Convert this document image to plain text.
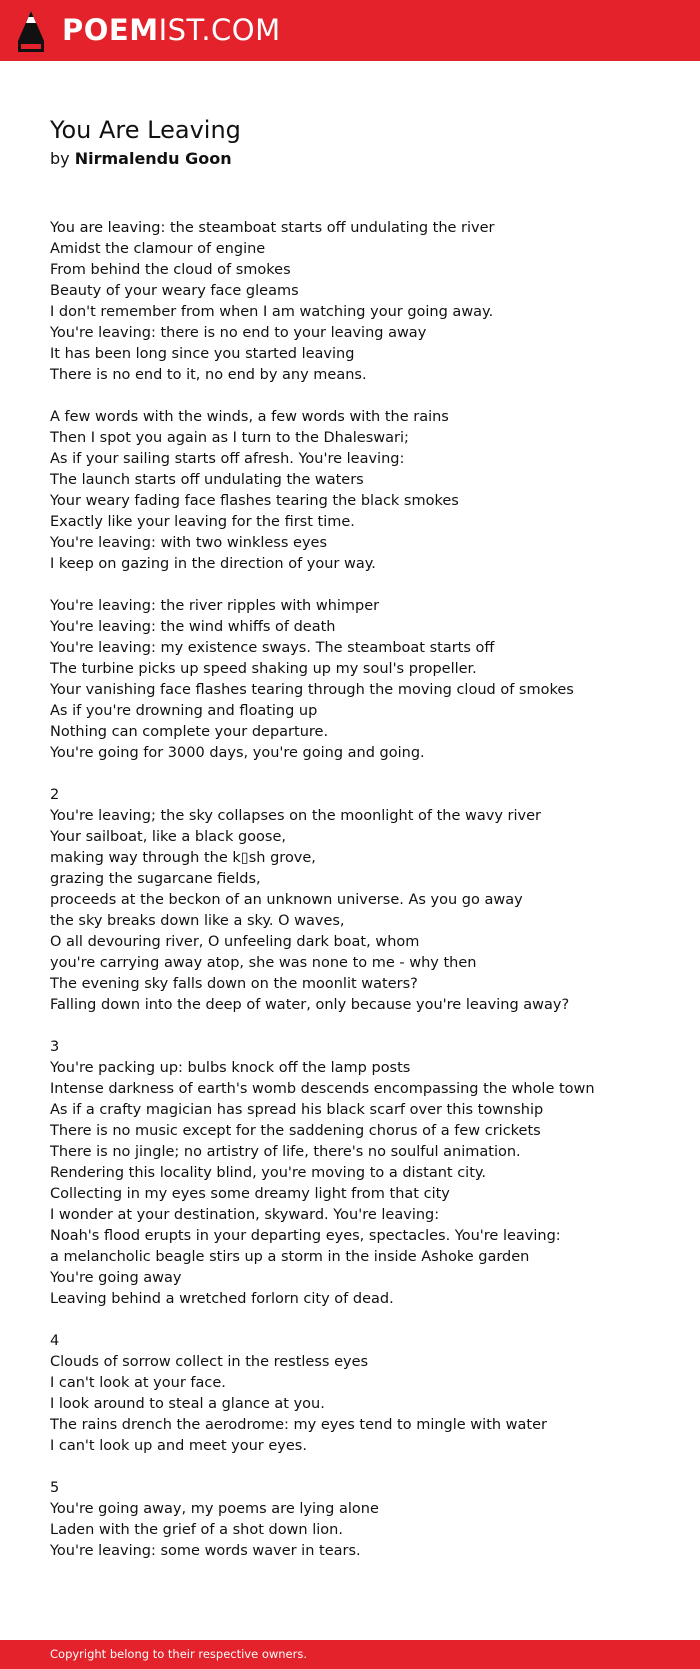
POEMIST.COM
You Are Leaving
by Nirmalendu Goon
You are leaving: the steamboat starts off undulating the river
Amidst the clamour of engine
From behind the cloud of smokes
Beauty of your weary face gleams
I don't remember from when I am watching your going away.
You're leaving: there is no end to your leaving away
It has been long since you started leaving
There is no end to it, no end by any means.
A few words with the winds, a few words with the rains
Then I spot you again as I turn to the Dhaleswari;
As if your sailing starts off afresh. You're leaving:
The launch starts off undulating the waters
Your weary fading face flashes tearing the black smokes
Exactly like your leaving for the first time.
You're leaving: with two winkless eyes
I keep on gazing in the direction of your way.
You're leaving: the river ripples with whimper
You're leaving: the wind whiffs of death
You're leaving: my existence sways. The steamboat starts off
The turbine picks up speed shaking up my soul's propeller.
Your vanishing face flashes tearing through the moving cloud of smokes
As if you're drowning and floating up
Nothing can complete your departure.
You're going for 3000 days, you're going and going.
2
You're leaving; the sky collapses on the moonlight of the wavy river
Your sailboat, like a black goose,
making way through the k▯sh grove,
grazing the sugarcane fields,
proceeds at the beckon of an unknown universe. As you go away
the sky breaks down like a sky. O waves,
O all devouring river, O unfeeling dark boat, whom
you're carrying away atop, she was none to me - why then
The evening sky falls down on the moonlit waters?
Falling down into the deep of water, only because you're leaving away?
3
You're packing up: bulbs knock off the lamp posts
Intense darkness of earth's womb descends encompassing the whole town
As if a crafty magician has spread his black scarf over this township
There is no music except for the saddening chorus of a few crickets
There is no jingle; no artistry of life, there's no soulful animation.
Rendering this locality blind, you're moving to a distant city.
Collecting in my eyes some dreamy light from that city
I wonder at your destination, skyward. You're leaving:
Noah's flood erupts in your departing eyes, spectacles. You're leaving:
a melancholic beagle stirs up a storm in the inside Ashoke garden
You're going away
Leaving behind a wretched forlorn city of dead.
4
Clouds of sorrow collect in the restless eyes
I can't look at your face.
I look around to steal a glance at you.
The rains drench the aerodrome: my eyes tend to mingle with water
I can't look up and meet your eyes.
5
You're going away, my poems are lying alone
Laden with the grief of a shot down lion.
You're leaving: some words waver in tears.
Copyright belong to their respective owners.
